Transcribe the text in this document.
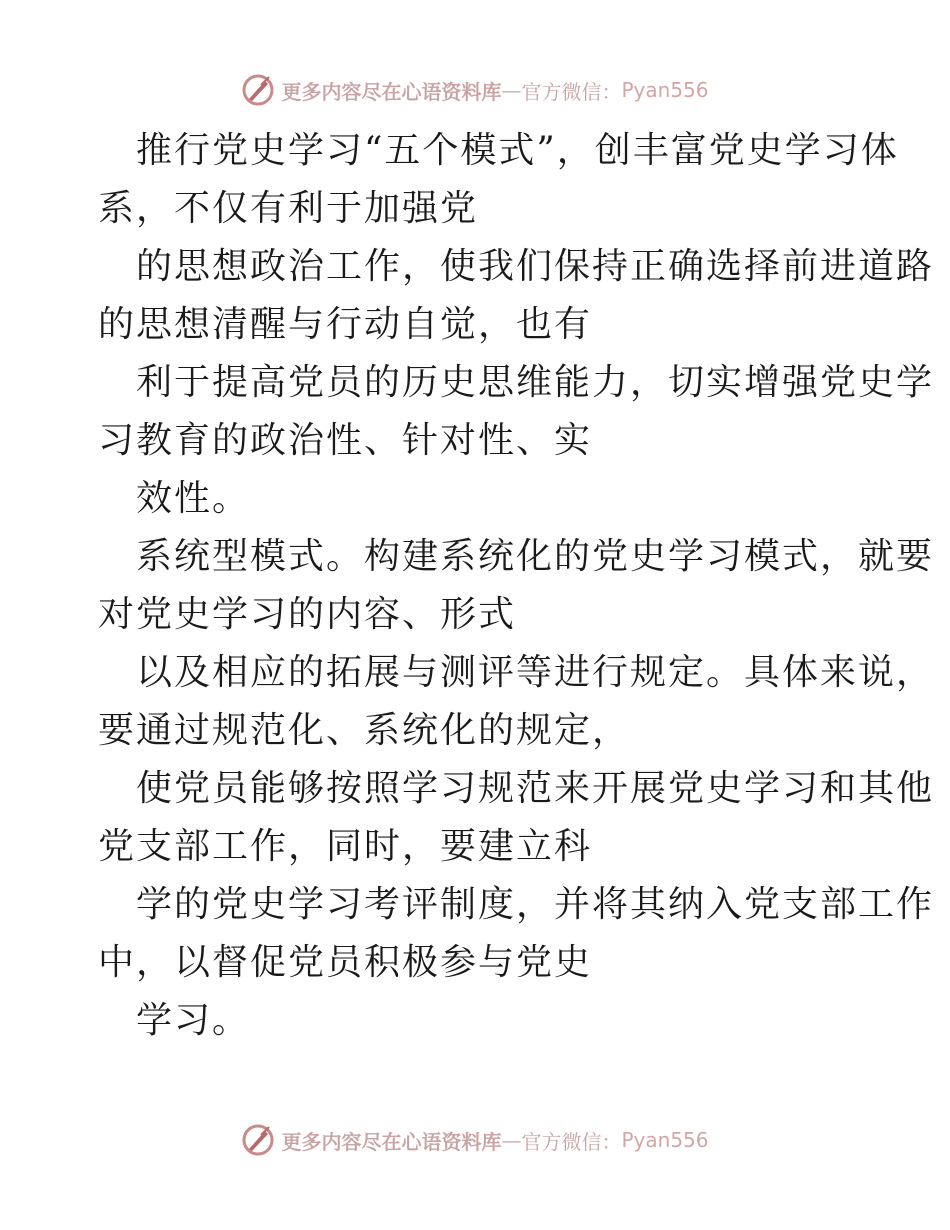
更多内容尽在心语资料库 — 官方微信： Pyan556
推行党史学习“五个模式”，创丰富党史学习体
系，不仅有利于加强党
的思想政治工作，使我们保持正确选择前进道路
的思想清醒与行动自觉，也有
利于提高党员的历史思维能力，切实增强党史学
习教育的政治性、针对性、实
效性。
系统型模式。构建系统化的党史学习模式，就要
对党史学习的内容、形式
以及相应的拓展与测评等进行规定。具体来说，
要通过规范化、系统化的规定，
使党员能够按照学习规范来开展党史学习和其他
党支部工作，同时，要建立科
学的党史学习考评制度，并将其纳入党支部工作
中，以督促党员积极参与党史
学习。
更多内容尽在心语资料库 — 官方微信： Pyan556
